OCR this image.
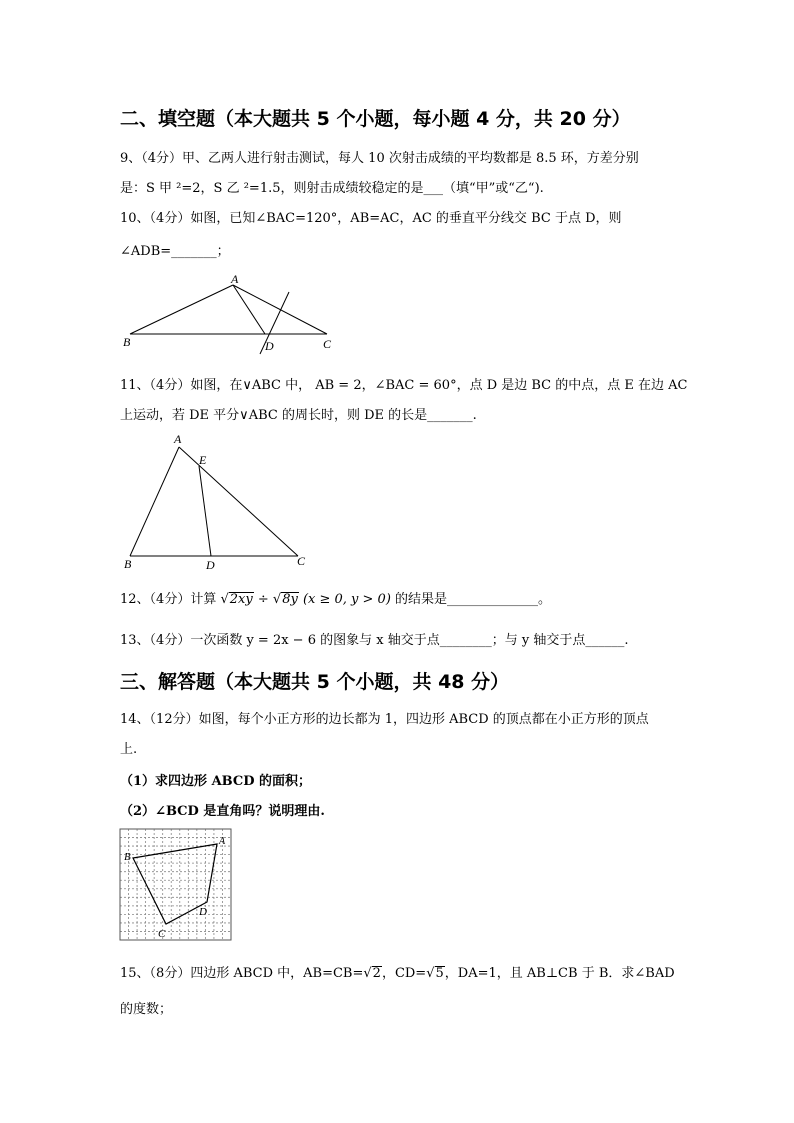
二、填空题（本大题共 5 个小题，每小题 4 分，共 20 分）
9、（4分）甲、乙两人进行射击测试，每人 10 次射击成绩的平均数都是 8.5 环，方差分别
是：S 甲 ²=2，S 乙 ²=1.5，则射击成绩较稳定的是___（填“甲”或“乙“).
10、（4分）如图，已知∠BAC=120°，AB=AC，AC 的垂直平分线交 BC 于点 D，则
∠ADB=_______；
A
B	C
D
11、（4分）如图，在∨ABC 中， AB = 2，∠BAC = 60°，点 D 是边 BC 的中点，点 E 在边 AC
上运动，若 DE 平分∨ABC 的周长时，则 DE 的长是_______.
A
E
B	D	C
12、（4分）计算 √2xy ÷ √8y (x ≥ 0, y > 0) 的结果是______________。
13、（4分）一次函数 y = 2x − 6 的图象与 x 轴交于点________；与 y 轴交于点______.
三、解答题（本大题共 5 个小题，共 48 分）
14、（12分）如图，每个小正方形的边长都为 1，四边形 ABCD 的顶点都在小正方形的顶点
上.
（1）求四边形 ABCD 的面积；
（2）∠BCD 是直角吗？说明理由.
A
B
C
D
15、（8分）四边形 ABCD 中，AB=CB=√2，CD=√5，DA=1，且 AB⊥CB 于 B．求∠BAD
的度数；
